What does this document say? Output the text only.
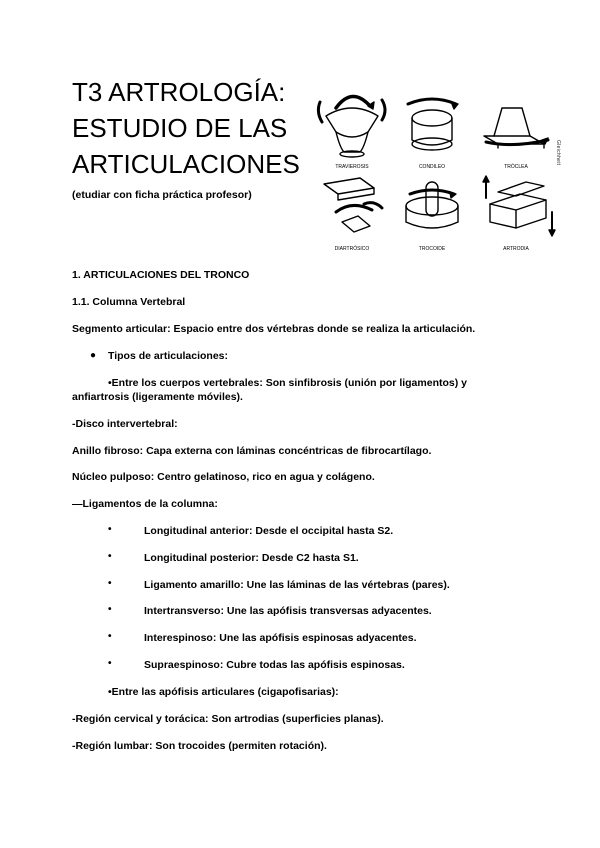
T3 ARTROLOGÍA:
ESTUDIO DE LAS
ARTICULACIONES
(etudiar con ficha práctica profesor)
TRAVIEROSIS	CONDILEO	TRÓCLEA
DIARTRÓSICO	TROCOIDE	ARTRODIA
Gleichheit
1. ARTICULACIONES DEL TRONCO
1.1. Columna Vertebral
Segmento articular: Espacio entre dos vértebras donde se realiza la articulación.
● Tipos de articulaciones:
•Entre los cuerpos vertebrales: Son sinfibrosis (unión por ligamentos) y
anfiartrosis (ligeramente móviles).
-Disco intervertebral:
Anillo fibroso: Capa externa con láminas concéntricas de fibrocartílago.
Núcleo pulposo: Centro gelatinoso, rico en agua y colágeno.
—Ligamentos de la columna:
•	Longitudinal anterior: Desde el occipital hasta S2.
•	Longitudinal posterior: Desde C2 hasta S1.
•	Ligamento amarillo: Une las láminas de las vértebras (pares).
•	Intertransverso: Une las apófisis transversas adyacentes.
•	Interespinoso: Une las apófisis espinosas adyacentes.
•	Supraespinoso: Cubre todas las apófisis espinosas.
•Entre las apófisis articulares (cigapofisarias):
-Región cervical y torácica: Son artrodias (superficies planas).
-Región lumbar: Son trocoides (permiten rotación).
